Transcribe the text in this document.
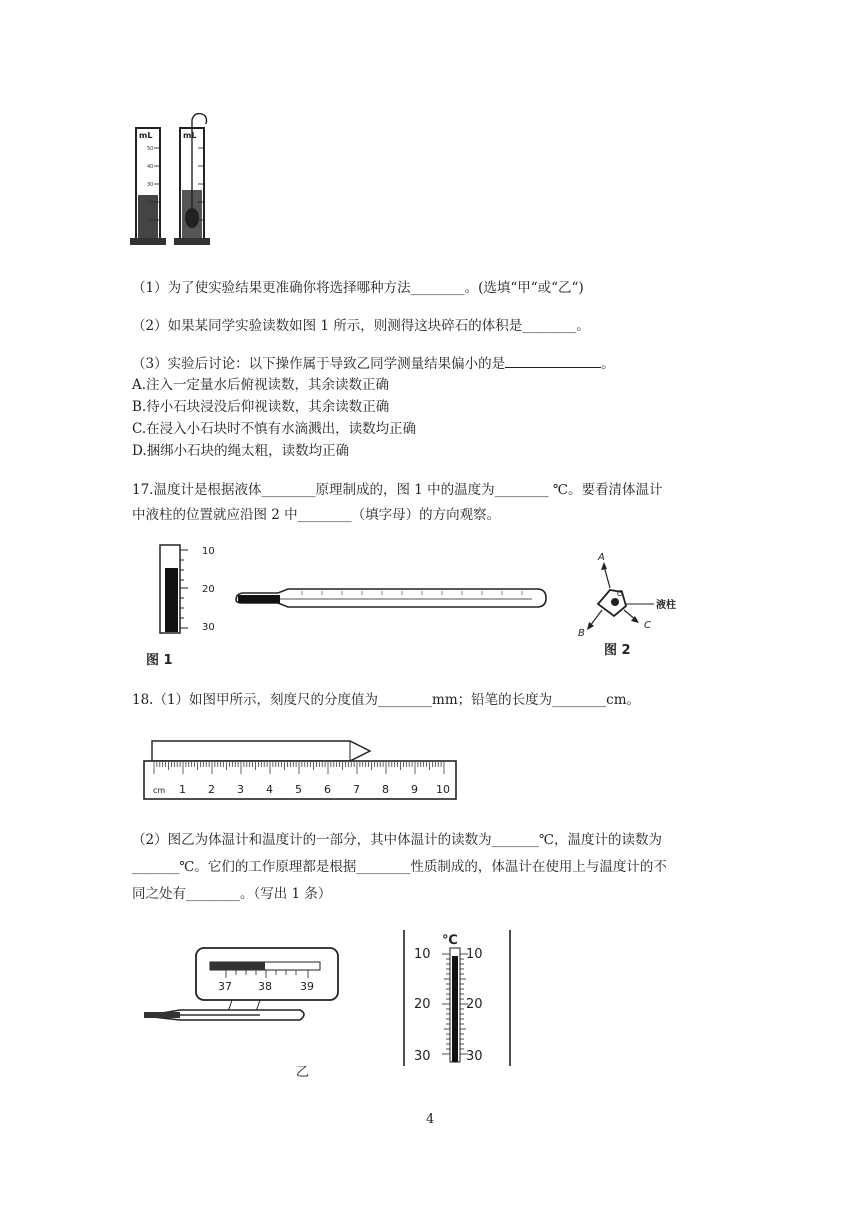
mL	mL
50
40
30
20
10
（1）为了使实验结果更准确你将选择哪种方法________。(选填“甲“或“乙“)
（2）如果某同学实验读数如图 1 所示，则测得这块碎石的体积是________。
（3）实验后讨论：以下操作属于导致乙同学测量结果偏小的是	。
A.注入一定量水后俯视读数，其余读数正确
B.待小石块浸没后仰视读数，其余读数正确
C.在浸入小石块时不慎有水滴溅出，读数均正确
D.捆绑小石块的绳太粗，读数均正确
17.温度计是根据液体________原理制成的，图 1 中的温度为________ ℃。要看清体温计
中液柱的位置就应沿图 2 中________（填字母）的方向观察。
10
20
30
图 1
A
O
B
C
液柱
图 2
18.（1）如图甲所示，刻度尺的分度值为________mm；铅笔的长度为________cm。
cm 1 2 3 4 5 6 7 8 9 10
（2）图乙为体温计和温度计的一部分，其中体温计的读数为_______℃，温度计的读数为
_______℃。它们的工作原理都是根据________性质制成的，体温计在使用上与温度计的不
同之处有________。（写出 1 条）
37 38	39
乙
℃
10	10
20	20
30	30
4
